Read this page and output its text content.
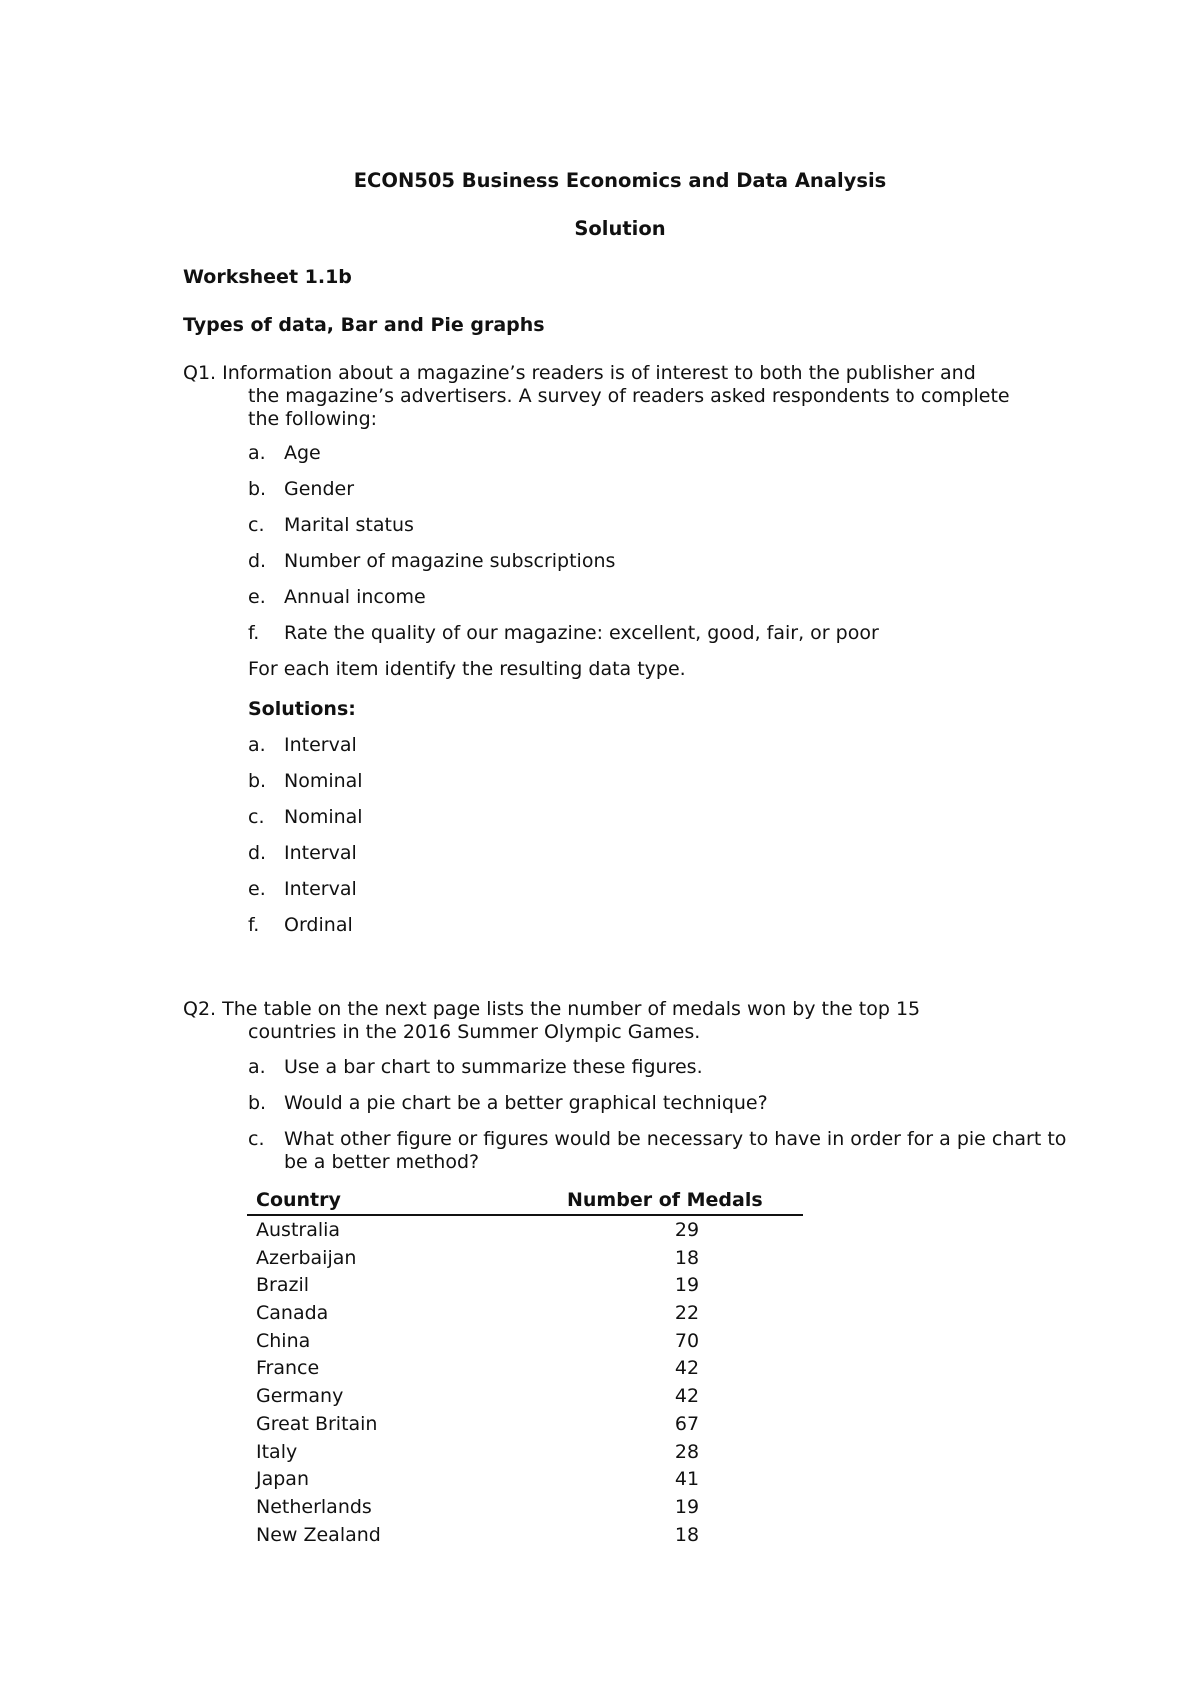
ECON505 Business Economics and Data Analysis
Solution
Worksheet 1.1b
Types of data, Bar and Pie graphs
Q1. Information about a magazine’s readers is of interest to both the publisher and
the magazine’s advertisers. A survey of readers asked respondents to complete
the following:
a. Age
b. Gender
c. Marital status
d. Number of magazine subscriptions
e. Annual income
f. Rate the quality of our magazine: excellent, good, fair, or poor
For each item identify the resulting data type.
Solutions:
a. Interval
b. Nominal
c. Nominal
d. Interval
e. Interval
f. Ordinal
Q2. The table on the next page lists the number of medals won by the top 15
countries in the 2016 Summer Olympic Games.
a. Use a bar chart to summarize these figures.
b. Would a pie chart be a better graphical technique?
c. What other figure or figures would be necessary to have in order for a pie chart to be a better method?
Country	Number of Medals
Australia	29
Azerbaijan	18
Brazil	19
Canada	22
China	70
France	42
Germany	42
Great Britain	67
Italy	28
Japan	41
Netherlands	19
New Zealand	18
